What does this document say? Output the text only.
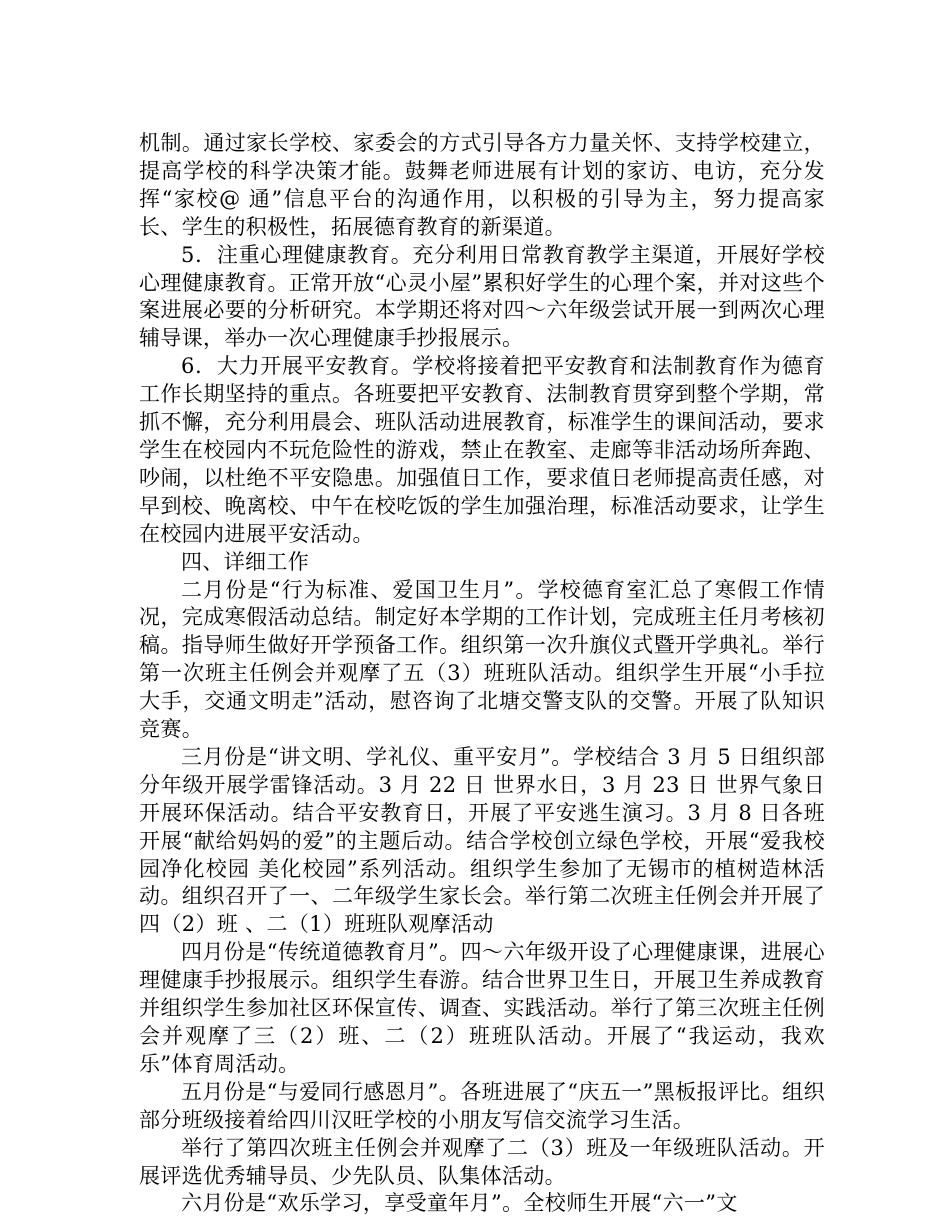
机制。通过家长学校、家委会的方式引导各方力量关怀、支持学校建立，提高学校的科学决策才能。鼓舞老师进展有计划的家访、电访，充分发挥“家校@ 通”信息平台的沟通作用，以积极的引导为主，努力提高家长、学生的积极性，拓展德育教育的新渠道。

5．注重心理健康教育。充分利用日常教育教学主渠道，开展好学校心理健康教育。正常开放“心灵小屋”累积好学生的心理个案，并对这些个案进展必要的分析研究。本学期还将对四～六年级尝试开展一到两次心理辅导课，举办一次心理健康手抄报展示。

6．大力开展平安教育。学校将接着把平安教育和法制教育作为德育工作长期坚持的重点。各班要把平安教育、法制教育贯穿到整个学期，常抓不懈，充分利用晨会、班队活动进展教育，标准学生的课间活动，要求学生在校园内不玩危险性的游戏，禁止在教室、走廊等非活动场所奔跑、吵闹，以杜绝不平安隐患。加强值日工作，要求值日老师提高责任感，对早到校、晚离校、中午在校吃饭的学生加强治理，标准活动要求，让学生在校园内进展平安活动。

四、详细工作

二月份是“行为标准、爱国卫生月”。学校德育室汇总了寒假工作情况，完成寒假活动总结。制定好本学期的工作计划，完成班主任月考核初稿。指导师生做好开学预备工作。组织第一次升旗仪式暨开学典礼。举行第一次班主任例会并观摩了五（3）班班队活动。组织学生开展“小手拉大手，交通文明走”活动，慰咨询了北塘交警支队的交警。开展了队知识竞赛。

三月份是“讲文明、学礼仪、重平安月”。学校结合 3 月 5 日组织部分年级开展学雷锋活动。3 月 22 日 世界水日，3 月 23 日 世界气象日开展环保活动。结合平安教育日，开展了平安逃生演习。3 月 8 日各班开展“献给妈妈的爱”的主题后动。结合学校创立绿色学校，开展“爱我校园净化校园 美化校园”系列活动。组织学生参加了无锡市的植树造林活动。组织召开了一、二年级学生家长会。举行第二次班主任例会并开展了四（2）班 、二（1）班班队观摩活动

四月份是“传统道德教育月”。四～六年级开设了心理健康课，进展心理健康手抄报展示。组织学生春游。结合世界卫生日，开展卫生养成教育并组织学生参加社区环保宣传、调查、实践活动。举行了第三次班主任例会并观摩了三（2）班、二（2）班班队活动。开展了“我运动，我欢乐”体育周活动。

五月份是“与爱同行感恩月”。各班进展了“庆五一”黑板报评比。组织部分班级接着给四川汉旺学校的小朋友写信交流学习生活。

举行了第四次班主任例会并观摩了二（3）班及一年级班队活动。开展评选优秀辅导员、少先队员、队集体活动。

六月份是“欢乐学习，享受童年月”。全校师生开展“六一”文
